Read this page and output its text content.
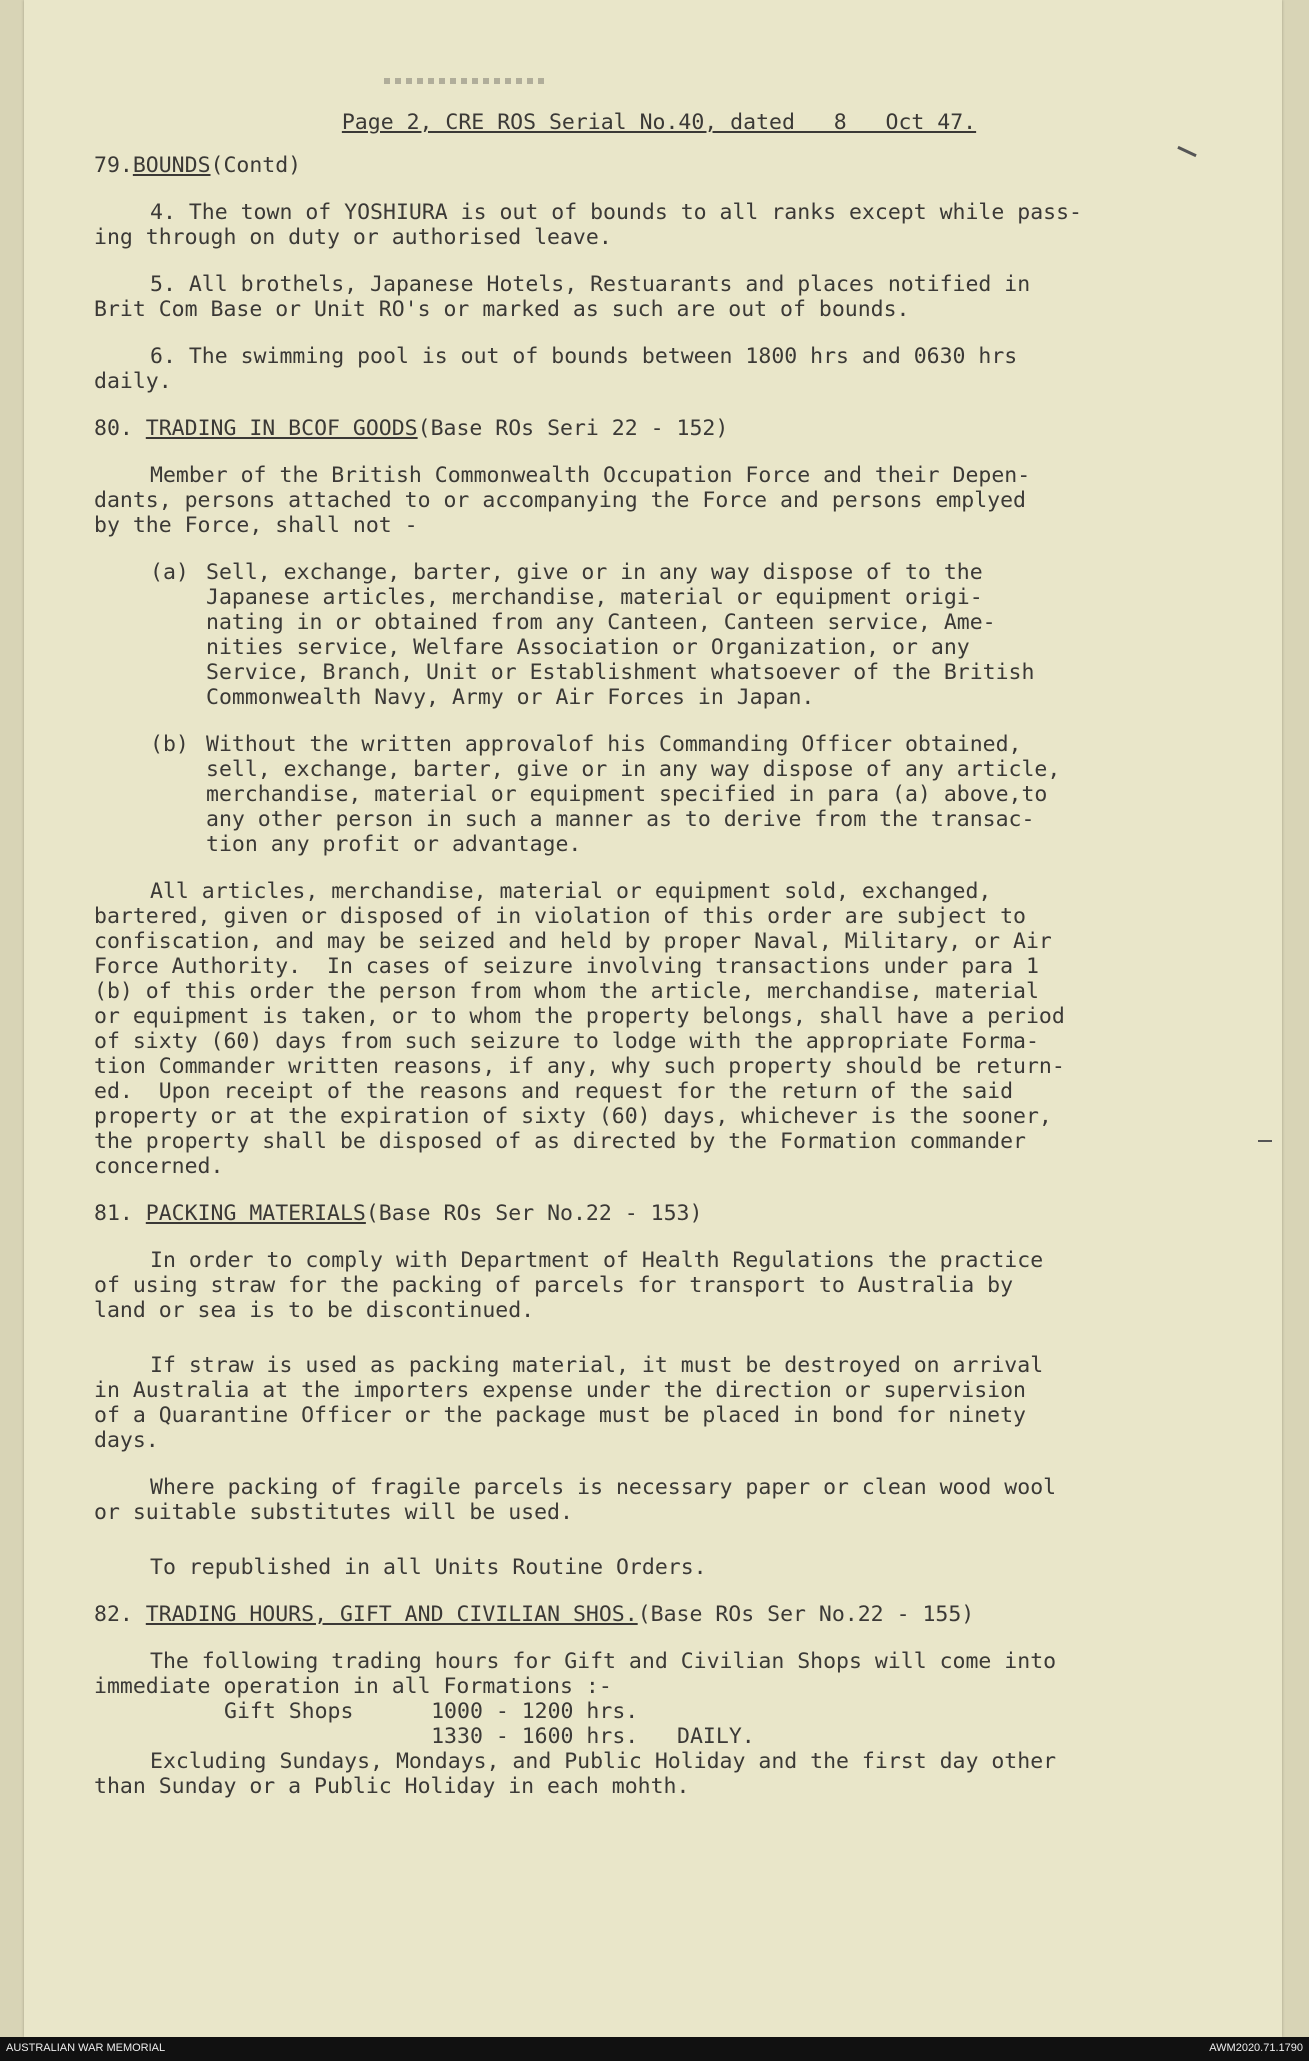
Page 2, CRE ROS Serial No.40, dated   8   Oct 47.
79.BOUNDS(Contd)
4. The town of YOSHIURA is out of bounds to all ranks except while pass-
ing through on duty or authorised leave.
5. All brothels, Japanese Hotels, Restuarants and places notified in
Brit Com Base or Unit RO's or marked as such are out of bounds.
6. The swimming pool is out of bounds between 1800 hrs and 0630 hrs
daily.
80. TRADING IN BCOF GOODS(Base ROs Seri 22 - 152)
Member of the British Commonwealth Occupation Force and their Depen-
dants, persons attached to or accompanying the Force and persons emplyed
by the Force, shall not -
(a) Sell, exchange, barter, give or in any way dispose of to the
Japanese articles, merchandise, material or equipment origi-
nating in or obtained from any Canteen, Canteen service, Ame-
nities service, Welfare Association or Organization, or any
Service, Branch, Unit or Establishment whatsoever of the British
Commonwealth Navy, Army or Air Forces in Japan.
(b) Without the written approvalof his Commanding Officer obtained,
sell, exchange, barter, give or in any way dispose of any article,
merchandise, material or equipment specified in para (a) above,to
any other person in such a manner as to derive from the transac-
tion any profit or advantage.
All articles, merchandise, material or equipment sold, exchanged,
bartered, given or disposed of in violation of this order are subject to
confiscation, and may be seized and held by proper Naval, Military, or Air
Force Authority.  In cases of seizure involving transactions under para 1
(b) of this order the person from whom the article, merchandise, material
or equipment is taken, or to whom the property belongs, shall have a period
of sixty (60) days from such seizure to lodge with the appropriate Forma-
tion Commander written reasons, if any, why such property should be return-
ed.  Upon receipt of the reasons and request for the return of the said
property or at the expiration of sixty (60) days, whichever is the sooner,
the property shall be disposed of as directed by the Formation commander
concerned.
81. PACKING MATERIALS(Base ROs Ser No.22 - 153)
In order to comply with Department of Health Regulations the practice
of using straw for the packing of parcels for transport to Australia by
land or sea is to be discontinued.
If straw is used as packing material, it must be destroyed on arrival
in Australia at the importers expense under the direction or supervision
of a Quarantine Officer or the package must be placed in bond for ninety
days.
Where packing of fragile parcels is necessary paper or clean wood wool
or suitable substitutes will be used.
To republished in all Units Routine Orders.
82. TRADING HOURS, GIFT AND CIVILIAN SHOS.(Base ROs Ser No.22 - 155)
The following trading hours for Gift and Civilian Shops will come into
immediate operation in all Formations :-
Gift Shops      1000 - 1200 hrs.
1330 - 1600 hrs.   DAILY.
Excluding Sundays, Mondays, and Public Holiday and the first day other
than Sunday or a Public Holiday in each mohth.
AUSTRALIAN WAR MEMORIAL	AWM2020.71.1790
